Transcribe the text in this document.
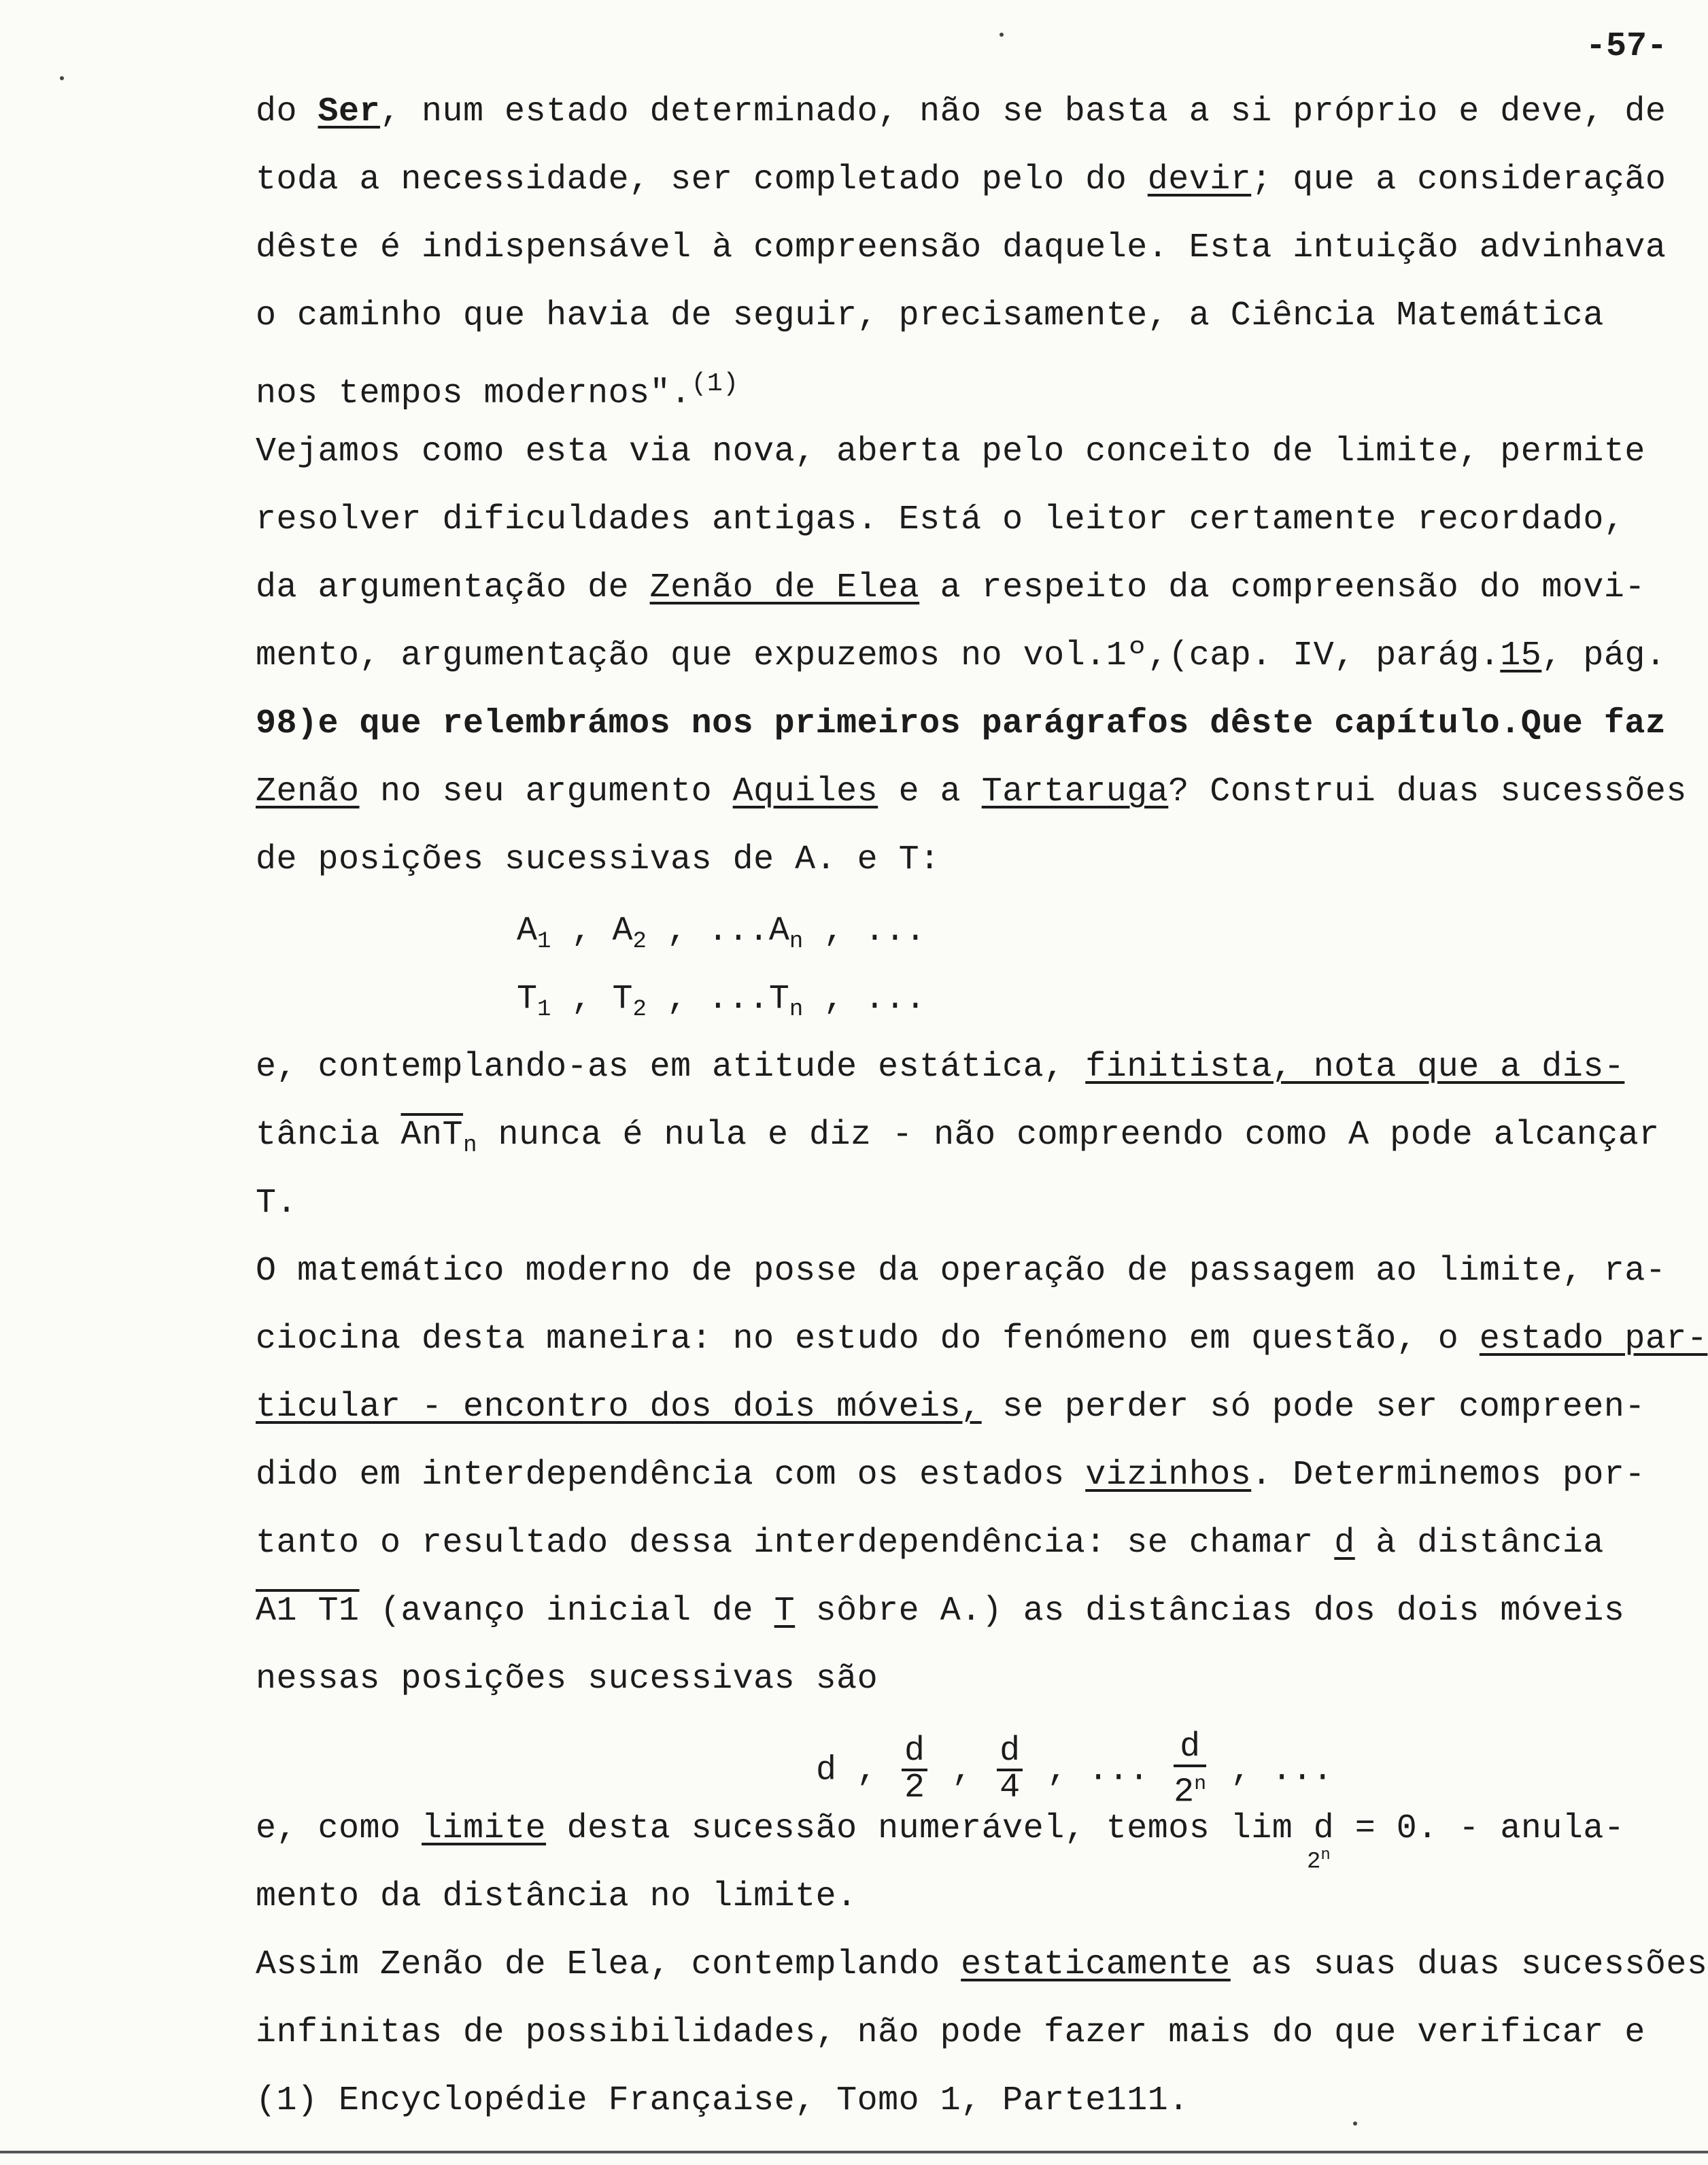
-57-
do Ser, num estado determinado, não se basta a si próprio e deve, de
toda a necessidade, ser completado pelo do devir; que a consideração
dêste é indispensável à compreensão daquele. Esta intuição advinhava
o caminho que havia de seguir, precisamente, a Ciência Matemática
nos tempos modernos".$^{(1)}$
Vejamos como esta via nova, aberta pelo conceito de limite, permite
resolver dificuldades antigas. Está o leitor certamente recordado,
da argumentação de Zenão de Elea a respeito da compreensão do movi-
mento, argumentação que expuzemos no vol.1º,(cap. IV, parág.15, pág.
98)e que relembrámos nos primeiros parágrafos dêste capítulo.Que faz
Zenão no seu argumento Aquiles e a Tartaruga? Construi duas sucessões
de posições sucessivas de A. e T:
$A_1$ , $A_2$ , $...A_n$ , ...
$T_1$ , $T_2$ , $...T_n$ , ...
e, contemplando-as em atitude estática, finitista, nota que a dis-
tância $\overline{AnT}_n$ nunca é nula e diz - não compreendo como A pode alcançar
T.
O matemático moderno de posse da operação de passagem ao limite, ra-
ciocina desta maneira: no estudo do fenómeno em questão, o estado par-
ticular - encontro dos dois móveis, se perder só pode ser compreen-
dido em interdependência com os estados vizinhos. Determinemos por-
tanto o resultado dessa interdependência: se chamar d à distância
A1 T1 (avanço inicial de T sôbre A.) as distâncias dos dois móveis
nessas posições sucessivas são
d , $\frac{d}{2}$ , $\frac{d}{4}$ , ... $\frac{d}{2^n}$ , ...
e, como limite desta sucessão numerável, temos lim d = 0. - anula-
2$^n$
mento da distância no limite.
Assim Zenão de Elea, contemplando estaticamente as suas duas sucessões
infinitas de possibilidades, não pode fazer mais do que verificar e
(1) Encyclopédie Française, Tomo 1, Parte111.
